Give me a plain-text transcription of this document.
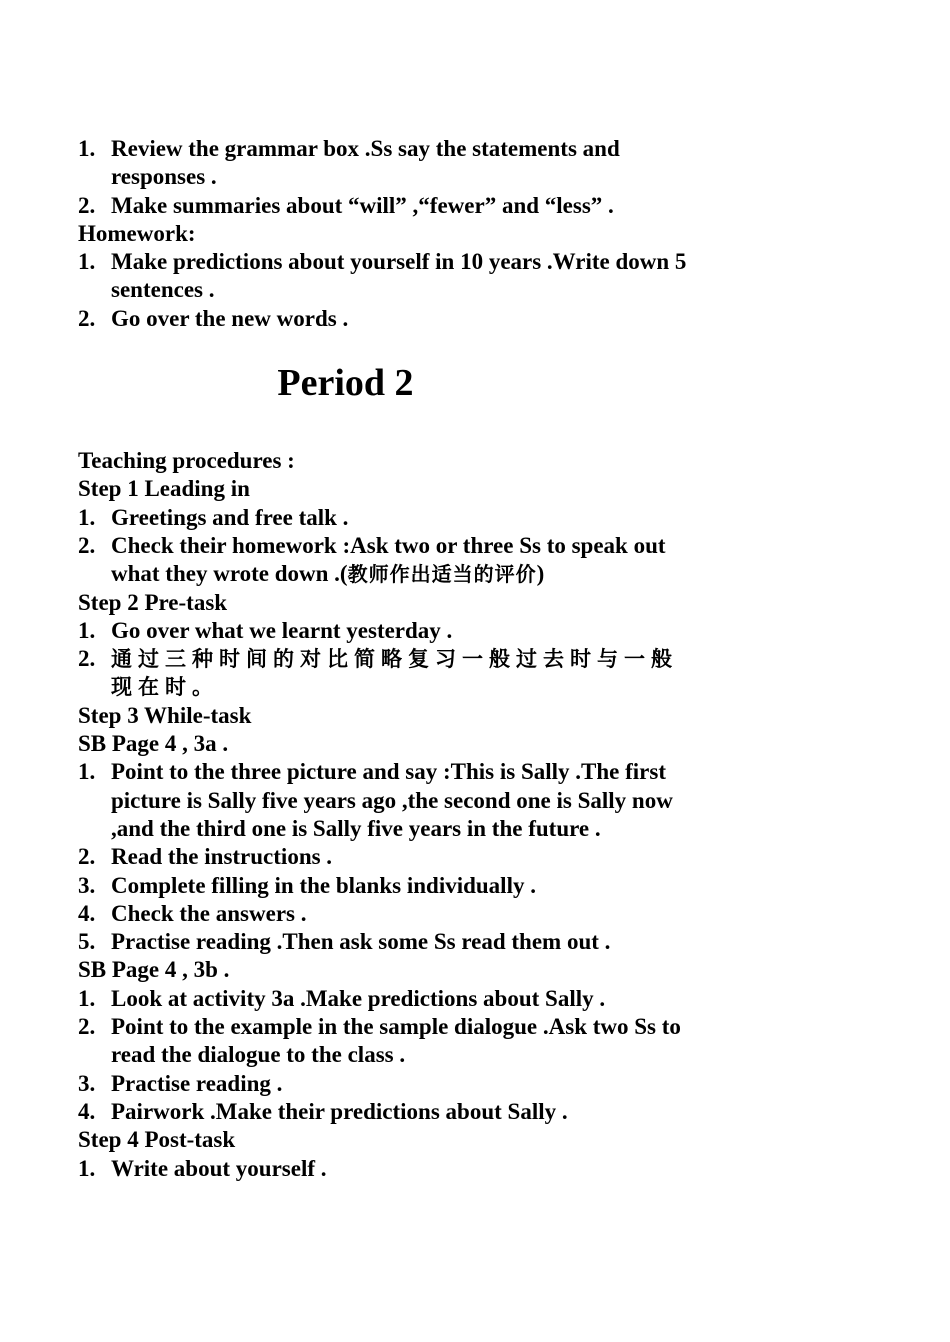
1. Review the grammar box .Ss say the statements and responses .
2. Make summaries about “will” ,“fewer” and “less” .
Homework:
1. Make predictions about yourself in 10 years .Write down 5 sentences .
2. Go over the new words .
Period 2
Teaching procedures :
Step 1 Leading in
1. Greetings and free talk .
2. Check their homework :Ask two or three Ss to speak out what they wrote down .(教师作出适当的评价)
Step 2 Pre-task
1. Go over what we learnt yesterday .
2. 通过三种时间的对比简略复习一般过去时与一般现在时。
Step 3 While-task
SB Page 4 , 3a .
1. Point to the three picture and say :This is Sally .The first picture is Sally five years ago ,the second one is Sally now ,and the third one is Sally five years in the future .
2. Read the instructions .
3. Complete filling in the blanks individually .
4. Check the answers .
5. Practise reading .Then ask some Ss read them out .
SB Page 4 , 3b .
1. Look at activity 3a .Make predictions about Sally .
2. Point to the example in the sample dialogue .Ask two Ss to read the dialogue to the class .
3. Practise reading .
4. Pairwork .Make their predictions about Sally .
Step 4 Post-task
1. Write about yourself .
